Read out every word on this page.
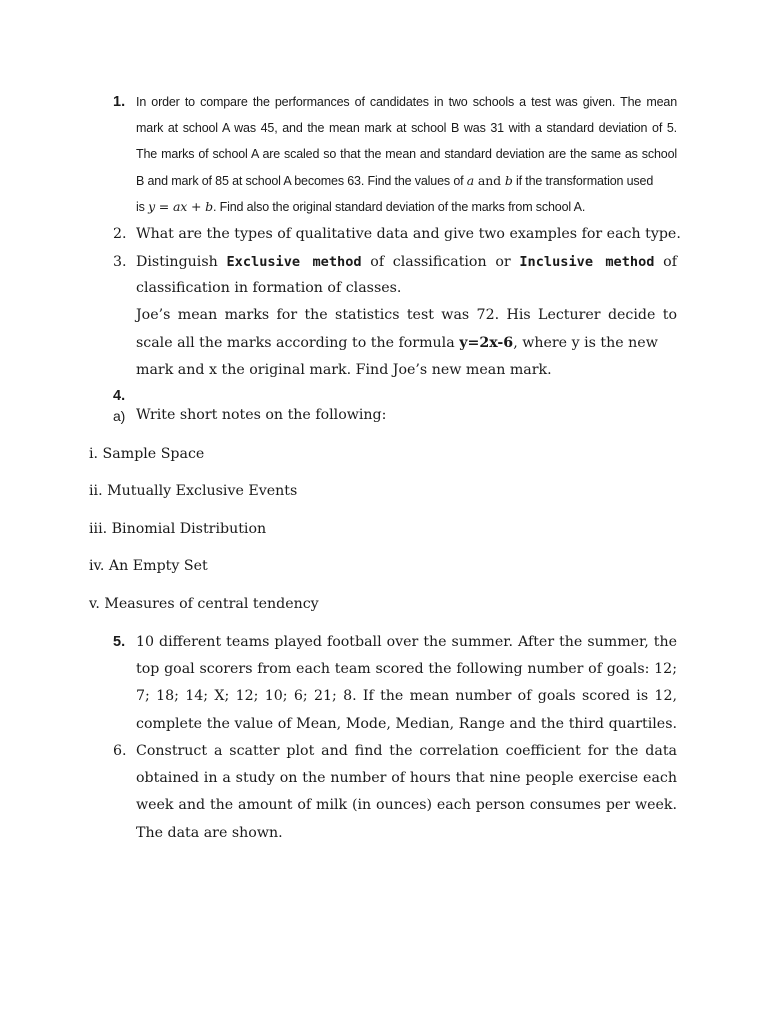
1. In order to compare the performances of candidates in two schools a test was given. The mean
mark at school A was 45, and the mean mark at school B was 31 with a standard deviation of 5.
The marks of school A are scaled so that the mean and standard deviation are the same as school
B and mark of 85 at school A becomes 63. Find the values of a and b if the transformation used
is y = ax + b. Find also the original standard deviation of the marks from school A.
2. What are the types of qualitative data and give two examples for each type.
3. Distinguish Exclusive method of classification or Inclusive method of
classification in formation of classes.
Joe’s mean marks for the statistics test was 72. His Lecturer decide to
scale all the marks according to the formula y=2x-6, where y is the new
mark and x the original mark. Find Joe’s new mean mark.
4.
a) Write short notes on the following:
i. Sample Space
ii. Mutually Exclusive Events
iii. Binomial Distribution
iv. An Empty Set
v. Measures of central tendency
5. 10 different teams played football over the summer. After the summer, the
top goal scorers from each team scored the following number of goals: 12;
7; 18; 14; X; 12; 10; 6; 21; 8. If the mean number of goals scored is 12,
complete the value of Mean, Mode, Median, Range and the third quartiles.
6. Construct a scatter plot and find the correlation coefficient for the data
obtained in a study on the number of hours that nine people exercise each
week and the amount of milk (in ounces) each person consumes per week.
The data are shown.
